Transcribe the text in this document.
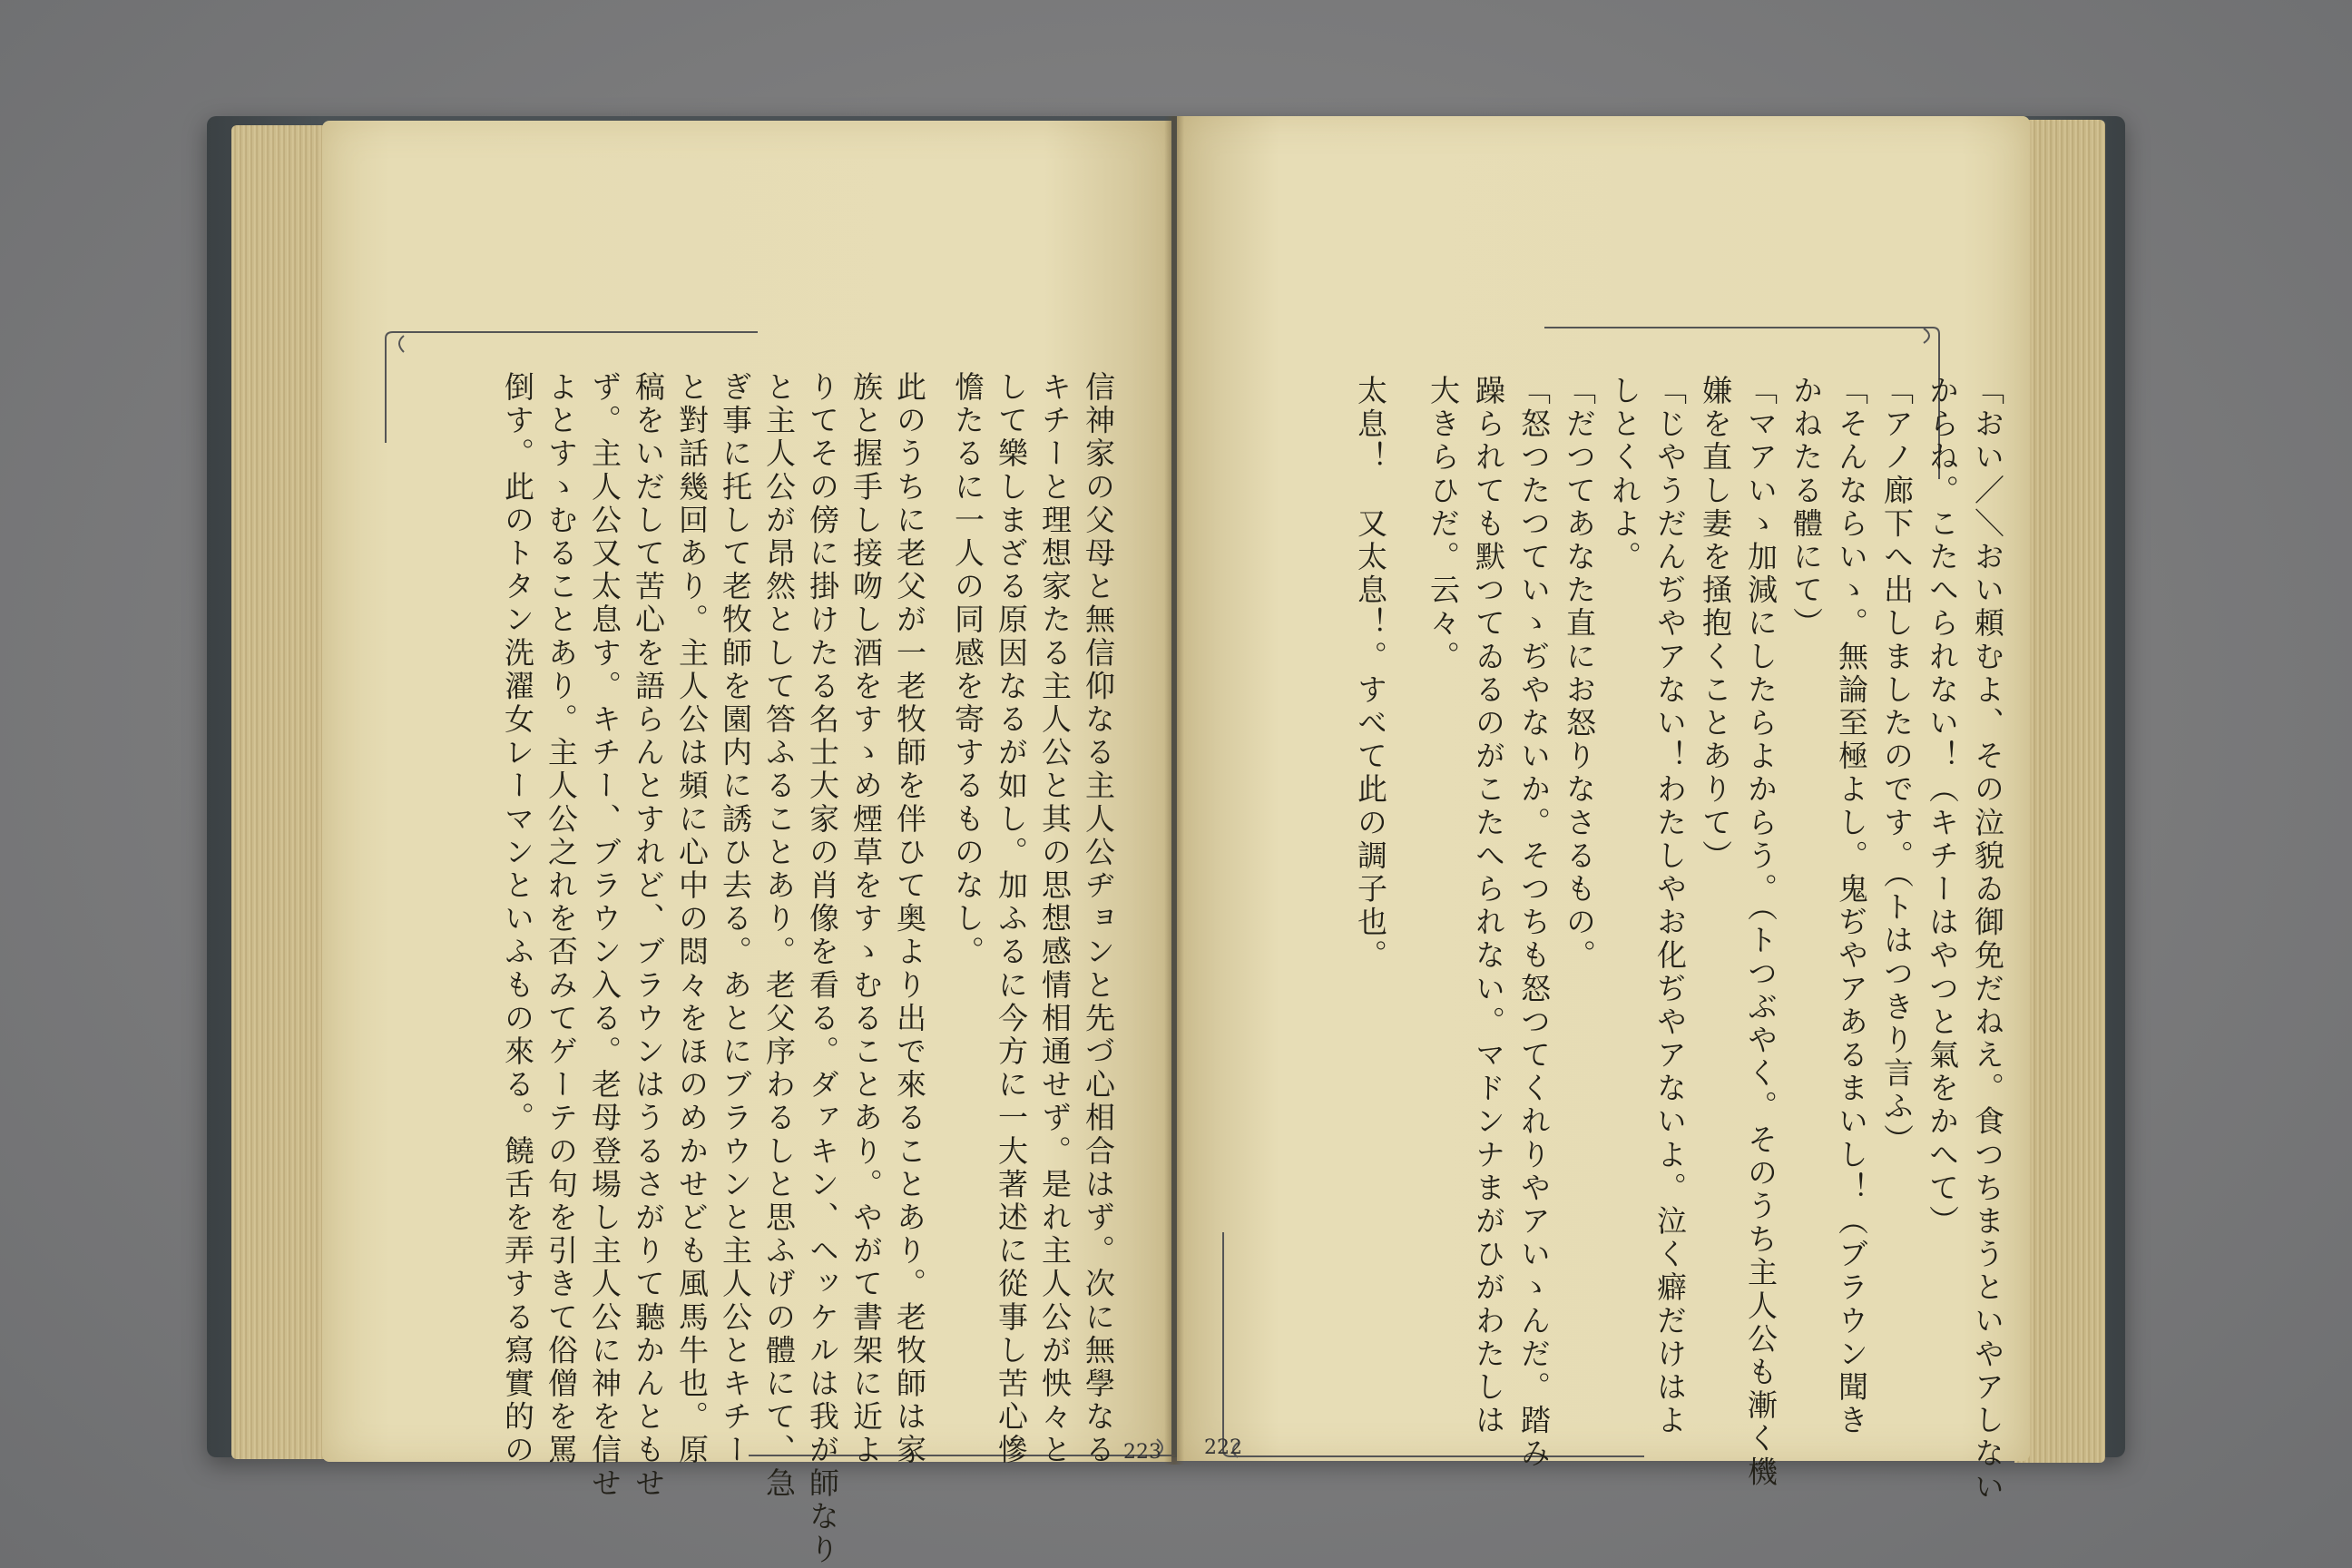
信神家の父母と無信仰なる主人公ヂョンと先づ心相合はず。次に無學なる
キチーと理想家たる主人公と其の思想感情相通せず。是れ主人公が怏々と
して樂しまざる原因なるが如し。加ふるに今方に一大著述に從事し苦心慘
憺たるに一人の同感を寄するものなし。
此のうちに老父が一老牧師を伴ひて奥より出で來ることあり。老牧師は家
族と握手し接吻し酒をすゝめ煙草をすゝむることあり。やがて書架に近よ
りてその傍に掛けたる名士大家の肖像を看る。ダァキン、ヘッケルは我が師なり
と主人公が昂然として答ふることあり。老父序わるしと思ふげの體にて、急
ぎ事に托して老牧師を園内に誘ひ去る。あとにブラウンと主人公とキチー
と對話幾回あり。主人公は頻に心中の悶々をほのめかせども風馬牛也。原
稿をいだして苦心を語らんとすれど、ブラウンはうるさがりて聽かんともせ
ず。主人公又太息す。キチー、ブラウン入る。老母登場し主人公に神を信せ
よとすゝむることあり。主人公之れを否みてゲーテの句を引きて俗僧を罵
倒す。此のトタン洗濯女レーマンといふもの來る。饒舌を弄する寫實的の	223	「おい／＼おい頼むよ、その泣貌ゐ御免だねえ。食つちまうといやアしない
からね。こたへられない！（キチーはやつと氣をかへて）
「アノ廊下へ出しましたのです。（トはつきり言ふ）
「そんならいゝ。無論至極よし。鬼ぢやアあるまいし！（ブラウン聞き
かねたる體にて）
「マアいゝ加減にしたらよからう。（トつぶやく。そのうち主人公も漸く機
嫌を直し妻を掻抱くことありて）
「じやうだんぢやアない！わたしやお化ぢやアないよ。泣く癖だけはよ
しとくれよ。
「だつてあなた直にお怒りなさるもの。
「怒つたつていゝぢやないか。そつちも怒つてくれりやアいゝんだ。踏み
躁られても默つてゐるのがこたへられない。マドンナまがひがわたしは
大きらひだ。云々。
太息！　又太息！。すべて此の調子也。
222
